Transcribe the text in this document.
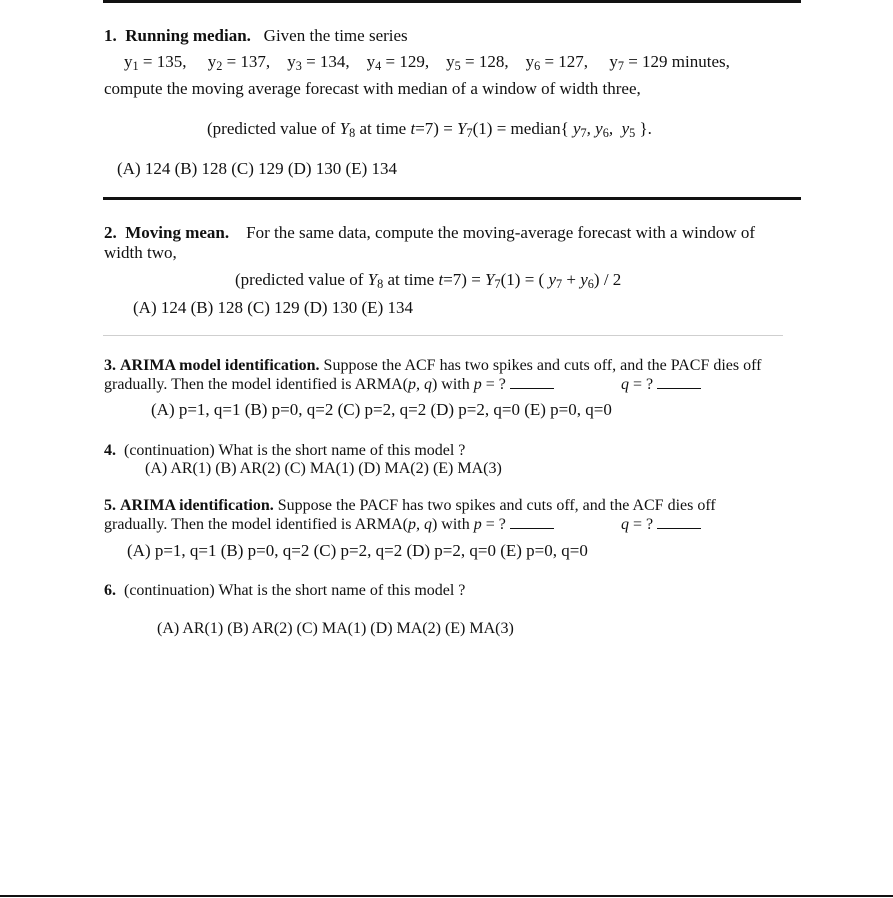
1. Running median. Given the time series
$y_1 = 135$, $y_2 = 137$, $y_3 = 134$, $y_4 = 129$, $y_5 = 128$, $y_6 = 127$, $y_7 = 129$ minutes,
compute the moving average forecast with median of a window of width three,
(predicted value of $Y_8$ at time $t=7) = Y_7(1)$ = median{ $y_7$, $y_6$,  $y_5$ }.
(A) 124 (B) 128 (C) 129 (D) 130 (E) 134
2. Moving mean. For the same data, compute the moving-average forecast with a window of
width two,
(predicted value of $Y_8$ at time $t=7) = Y_7(1)$ = ( $y_7 + y_6) / 2$
(A) 124 (B) 128 (C) 129 (D) 130 (E) 134
3. ARIMA model identification. Suppose the ACF has two spikes and cuts off, and the PACF dies off
gradually. Then the model identified is ARMA(p, q) with p = ?	q = ?
(A) p=1, q=1 (B) p=0, q=2 (C) p=2, q=2 (D) p=2, q=0 (E) p=0, q=0
4. (continuation) What is the short name of this model ?
(A) AR(1) (B) AR(2) (C) MA(1) (D) MA(2) (E) MA(3)
5. ARIMA identification. Suppose the PACF has two spikes and cuts off, and the ACF dies off
gradually. Then the model identified is ARMA(p, q) with p = ?	q = ?
(A) p=1, q=1 (B) p=0, q=2 (C) p=2, q=2 (D) p=2, q=0 (E) p=0, q=0
6. (continuation) What is the short name of this model ?
(A) AR(1) (B) AR(2) (C) MA(1) (D) MA(2) (E) MA(3)
